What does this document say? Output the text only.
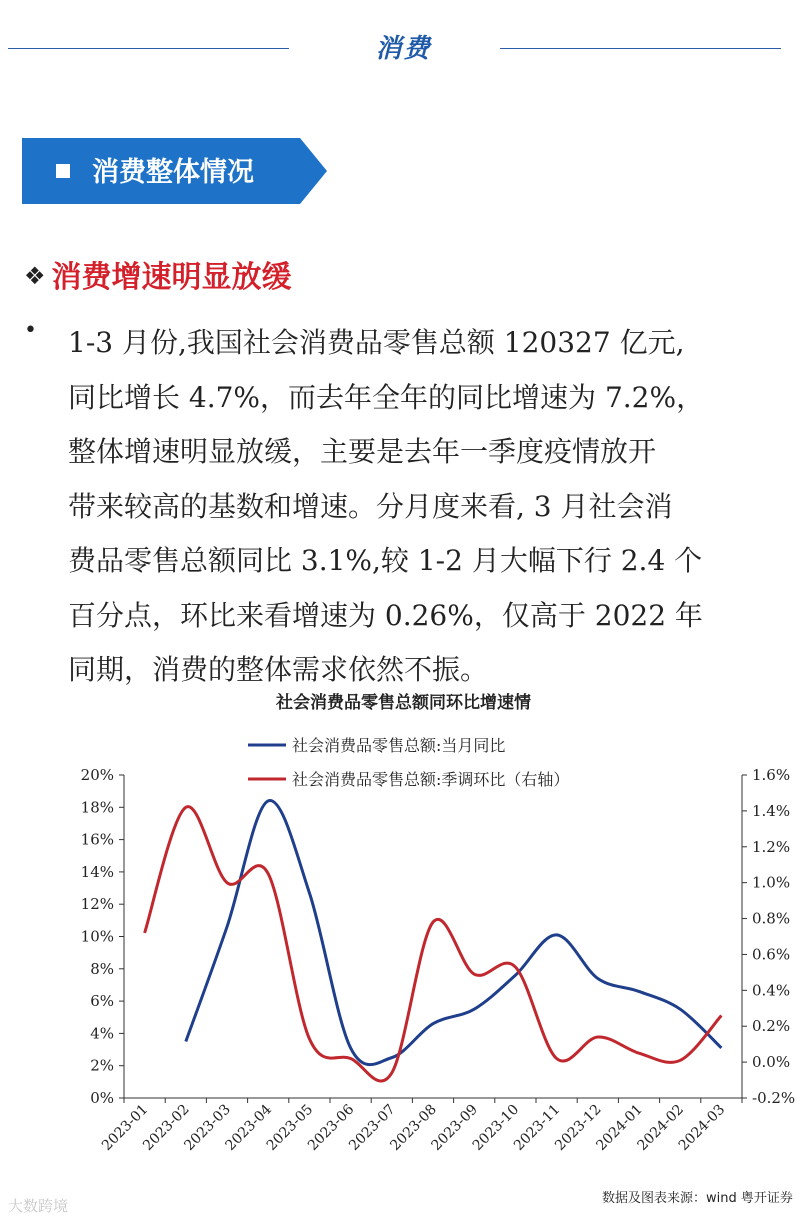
消费
消费整体情况
❖ 消费增速明显放缓
• 1-3 月份,我国社会消费品零售总额 120327 亿元,
同比增长 4.7%，而去年全年的同比增速为 7.2%，
整体增速明显放缓，主要是去年一季度疫情放开
带来较高的基数和增速。分月度来看, 3 月社会消
费品零售总额同比 3.1%,较 1-2 月大幅下行 2.4 个
百分点，环比来看增速为 0.26%，仅高于 2022 年
同期，消费的整体需求依然不振。
社会消费品零售总额同环比增速情
0%
2%
4%
6%
8%
10%
12%
14%
16%
18%
20%
-0.2%
0.0%
0.2%
0.4%
0.6%
0.8%
1.0%
1.2%
1.4%
1.6%
2023-01
2023-02
2023-03
2023-04
2023-05
2023-06
2023-07
2023-08
2023-09
2023-10
2023-11
2023-12
2024-01
2024-02
2024-03
社会消费品零售总额:当月同比
社会消费品零售总额:季调环比（右轴）
数据及图表来源：wind 粤开证券
大数跨境
